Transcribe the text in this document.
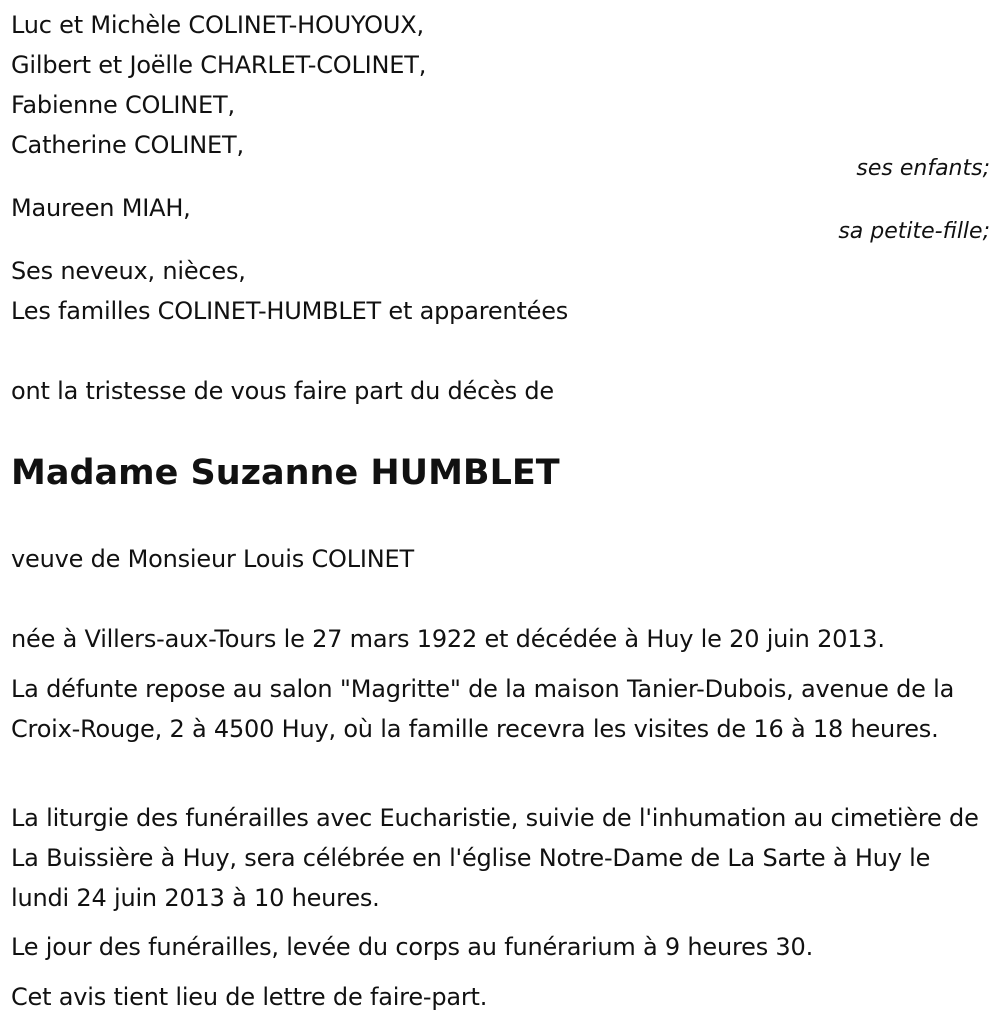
Luc et Michèle COLINET-HOUYOUX,
Gilbert et Joëlle CHARLET-COLINET,
Fabienne COLINET,
Catherine COLINET,
ses enfants;
Maureen MIAH,
sa petite-fille;
Ses neveux, nièces,
Les familles COLINET-HUMBLET et apparentées
ont la tristesse de vous faire part du décès de
Madame Suzanne HUMBLET
veuve de Monsieur Louis COLINET
née à Villers-aux-Tours le 27 mars 1922 et décédée à Huy le 20 juin 2013.
La défunte repose au salon "Magritte" de la maison Tanier-Dubois, avenue de la Croix-Rouge, 2 à 4500 Huy, où la famille recevra les visites de 16 à 18 heures.
La liturgie des funérailles avec Eucharistie, suivie de l'inhumation au cimetière de La Buissière à Huy, sera célébrée en l'église Notre-Dame de La Sarte à Huy le lundi 24 juin 2013 à 10 heures.
Le jour des funérailles, levée du corps au funérarium à 9 heures 30.
Cet avis tient lieu de lettre de faire-part.
